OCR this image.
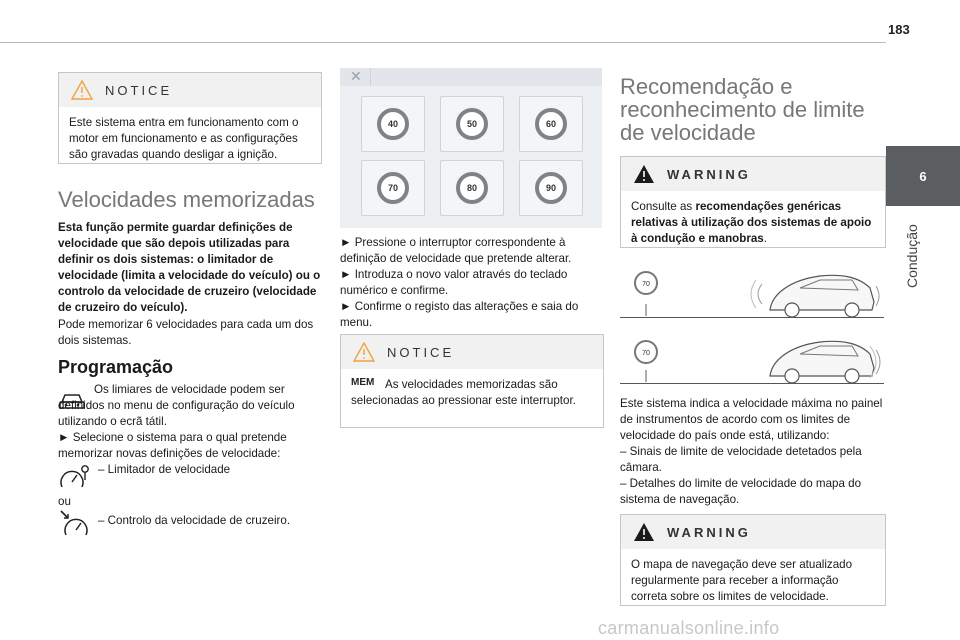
183
6
Condução
NOTICE
Este sistema entra em funcionamento com o motor em funcionamento e as configurações são gravadas quando desligar a ignição.
Velocidades memorizadas
Esta função permite guardar definições de velocidade que são depois utilizadas para definir os dois sistemas: o limitador de velocidade (limita a velocidade do veículo) ou o controlo da velocidade de cruzeiro (velocidade de cruzeiro do veículo).
Pode memorizar 6 velocidades para cada um dos dois sistemas.
Programação
Os limiares de velocidade podem ser definidos no menu de configuração do veículo utilizando o ecrã tátil.
► Selecione o sistema para o qual pretende memorizar novas definições de velocidade:
– Limitador de velocidade
ou
– Controlo da velocidade de cruzeiro.
✕
40	50	60
70	80	90
► Pressione o interruptor correspondente à definição de velocidade que pretende alterar.
► Introduza o novo valor através do teclado numérico e confirme.
► Confirme o registo das alterações e saia do menu.
NOTICE
MEM As velocidades memorizadas são selecionadas ao pressionar este interruptor.
Recomendação e
reconhecimento de limite
de velocidade
WARNING
Consulte as recomendações genéricas relativas à utilização dos sistemas de apoio à condução e manobras.
70
70
Este sistema indica a velocidade máxima no painel de instrumentos de acordo com os limites de velocidade do país onde está, utilizando:
– Sinais de limite de velocidade detetados pela câmara.
– Detalhes do limite de velocidade do mapa do sistema de navegação.
WARNING
O mapa de navegação deve ser atualizado regularmente para receber a informação correta sobre os limites de velocidade.
carmanualsonline.info
